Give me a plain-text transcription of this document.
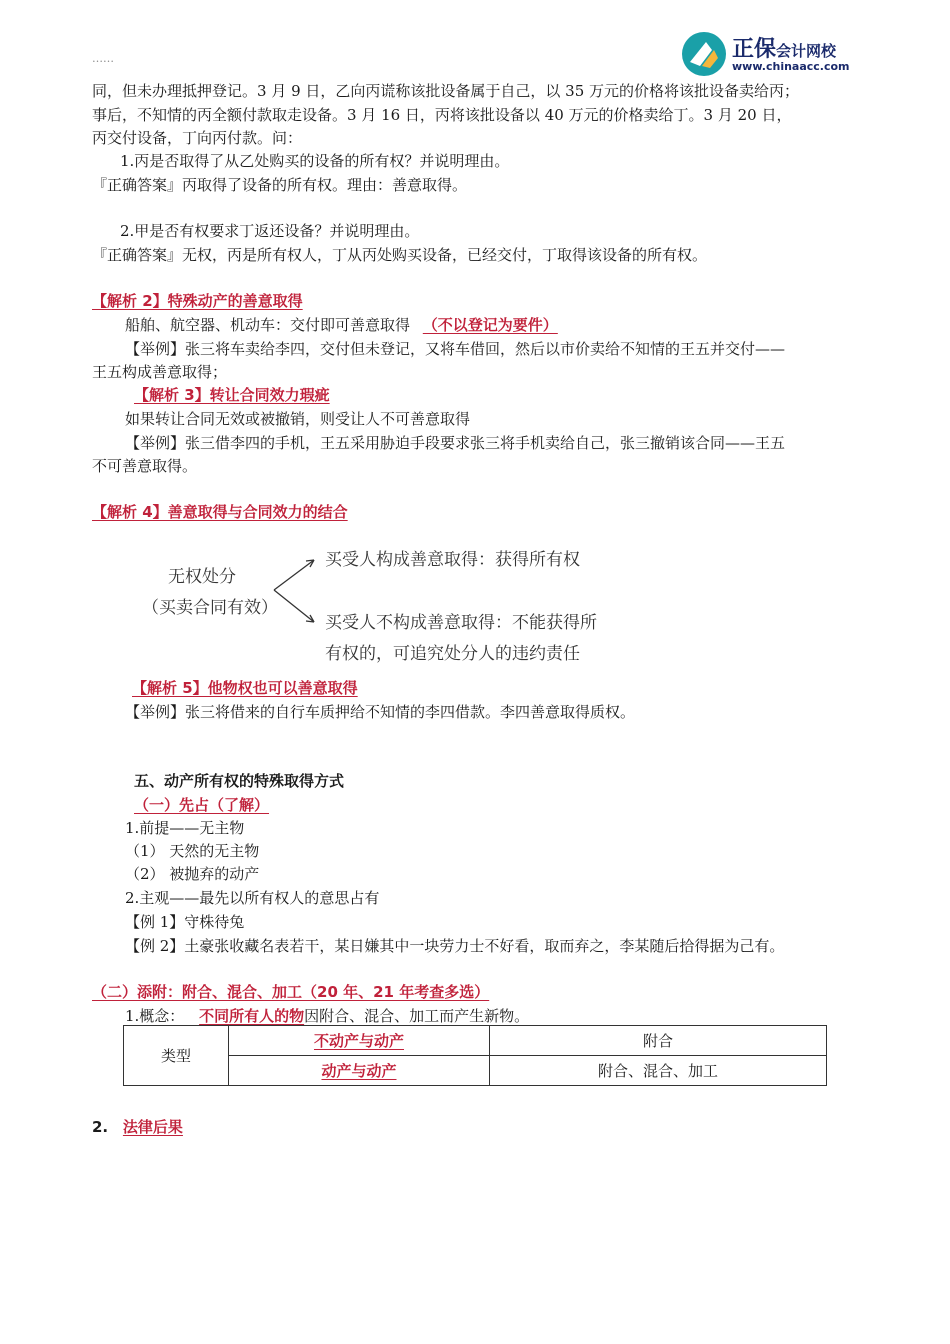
正保会计网校
www.chinaacc.com
……
同，但未办理抵押登记。3 月 9 日，乙向丙谎称该批设备属于自己，以 35 万元的价格将该批设备卖给丙；
事后，不知情的丙全额付款取走设备。3 月 16 日，丙将该批设备以 40 万元的价格卖给丁。3 月 20 日，
丙交付设备，丁向丙付款。问：
1.丙是否取得了从乙处购买的设备的所有权？并说明理由。
『正确答案』丙取得了设备的所有权。理由：善意取得。
2.甲是否有权要求丁返还设备？并说明理由。
『正确答案』无权，丙是所有权人，丁从丙处购买设备，已经交付，丁取得该设备的所有权。
【解析 2】特殊动产的善意取得
船舶、航空器、机动车：交付即可善意取得 （不以登记为要件）
【举例】张三将车卖给李四，交付但未登记，又将车借回，然后以市价卖给不知情的王五并交付——
王五构成善意取得；
【解析 3】转让合同效力瑕疵
如果转让合同无效或被撤销，则受让人不可善意取得
【举例】张三借李四的手机，王五采用胁迫手段要求张三将手机卖给自己，张三撤销该合同——王五
不可善意取得。
【解析 4】善意取得与合同效力的结合
无权处分
（买卖合同有效）
买受人构成善意取得：获得所有权
买受人不构成善意取得：不能获得所
有权的，可追究处分人的违约责任
【解析 5】他物权也可以善意取得
【举例】张三将借来的自行车质押给不知情的李四借款。李四善意取得质权。
五、动产所有权的特殊取得方式
（一）先占（了解）
1.前提——无主物
（1） 天然的无主物
（2） 被抛弃的动产
2.主观——最先以所有权人的意思占有
【例 1】守株待兔
【例 2】土豪张收藏名表若干，某日嫌其中一块劳力士不好看，取而弃之，李某随后拾得据为己有。
（二）添附：附合、混合、加工（20 年、21 年考查多选）
1.概念： 不同所有人的物因附合、混合、加工而产生新物。
类型	不动产与动产	附合
	动产与动产	附合、混合、加工
2. 法律后果
